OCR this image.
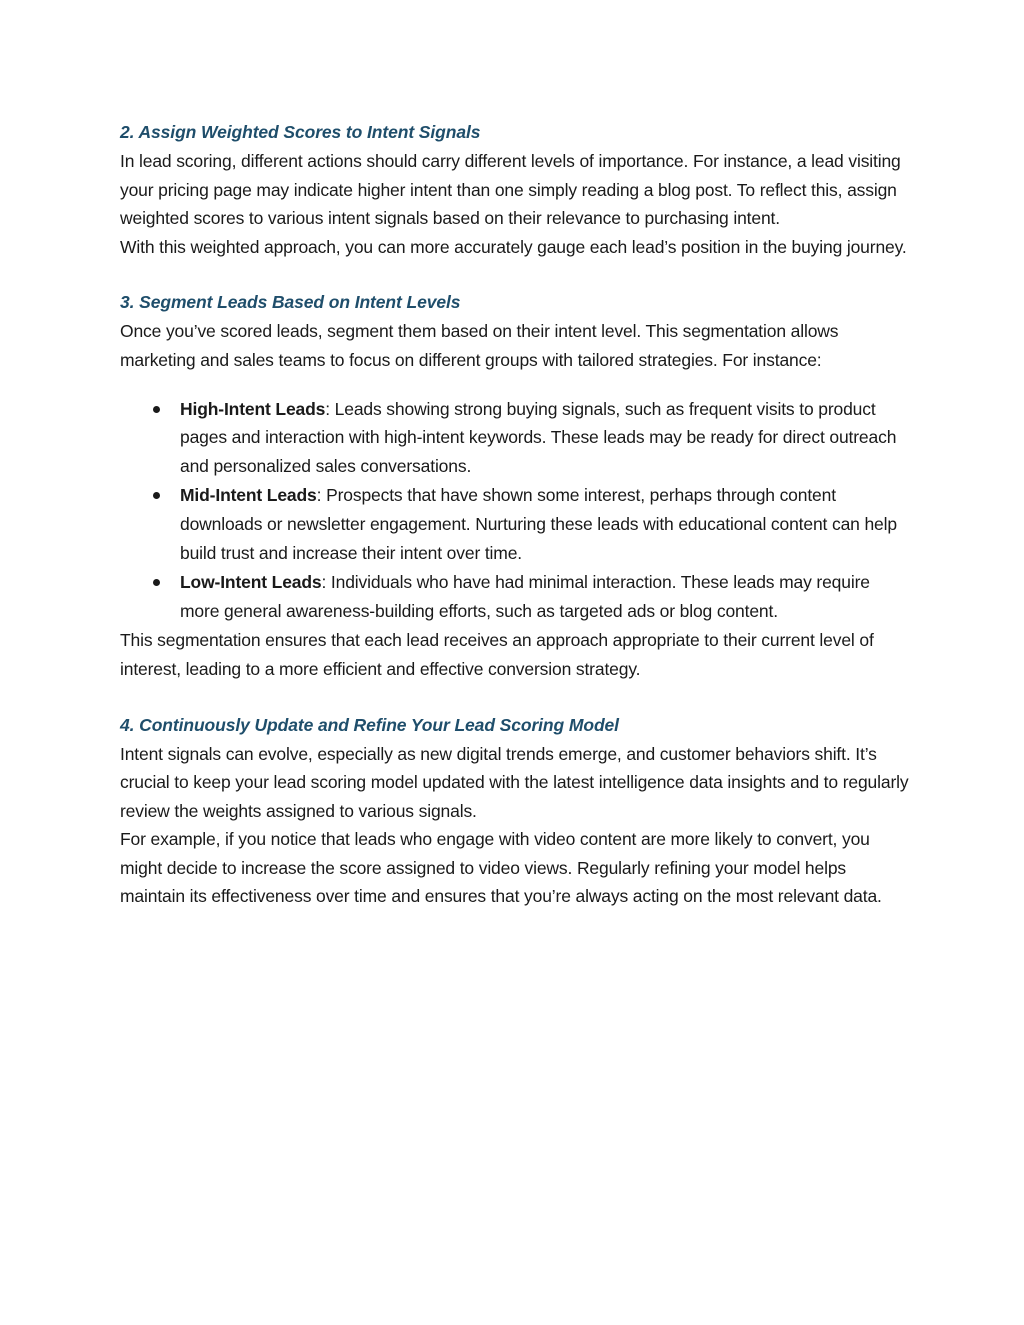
2. Assign Weighted Scores to Intent Signals

In lead scoring, different actions should carry different levels of importance. For instance, a lead visiting your pricing page may indicate higher intent than one simply reading a blog post. To reflect this, assign weighted scores to various intent signals based on their relevance to purchasing intent.

With this weighted approach, you can more accurately gauge each lead’s position in the buying journey.

3. Segment Leads Based on Intent Levels

Once you’ve scored leads, segment them based on their intent level. This segmentation allows marketing and sales teams to focus on different groups with tailored strategies. For instance:

High-Intent Leads: Leads showing strong buying signals, such as frequent visits to product pages and interaction with high-intent keywords. These leads may be ready for direct outreach and personalized sales conversations.
Mid-Intent Leads: Prospects that have shown some interest, perhaps through content downloads or newsletter engagement. Nurturing these leads with educational content can help build trust and increase their intent over time.
Low-Intent Leads: Individuals who have had minimal interaction. These leads may require more general awareness-building efforts, such as targeted ads or blog content.

This segmentation ensures that each lead receives an approach appropriate to their current level of interest, leading to a more efficient and effective conversion strategy.

4. Continuously Update and Refine Your Lead Scoring Model

Intent signals can evolve, especially as new digital trends emerge, and customer behaviors shift. It’s crucial to keep your lead scoring model updated with the latest intelligence data insights and to regularly review the weights assigned to various signals.

For example, if you notice that leads who engage with video content are more likely to convert, you might decide to increase the score assigned to video views. Regularly refining your model helps maintain its effectiveness over time and ensures that you’re always acting on the most relevant data.
